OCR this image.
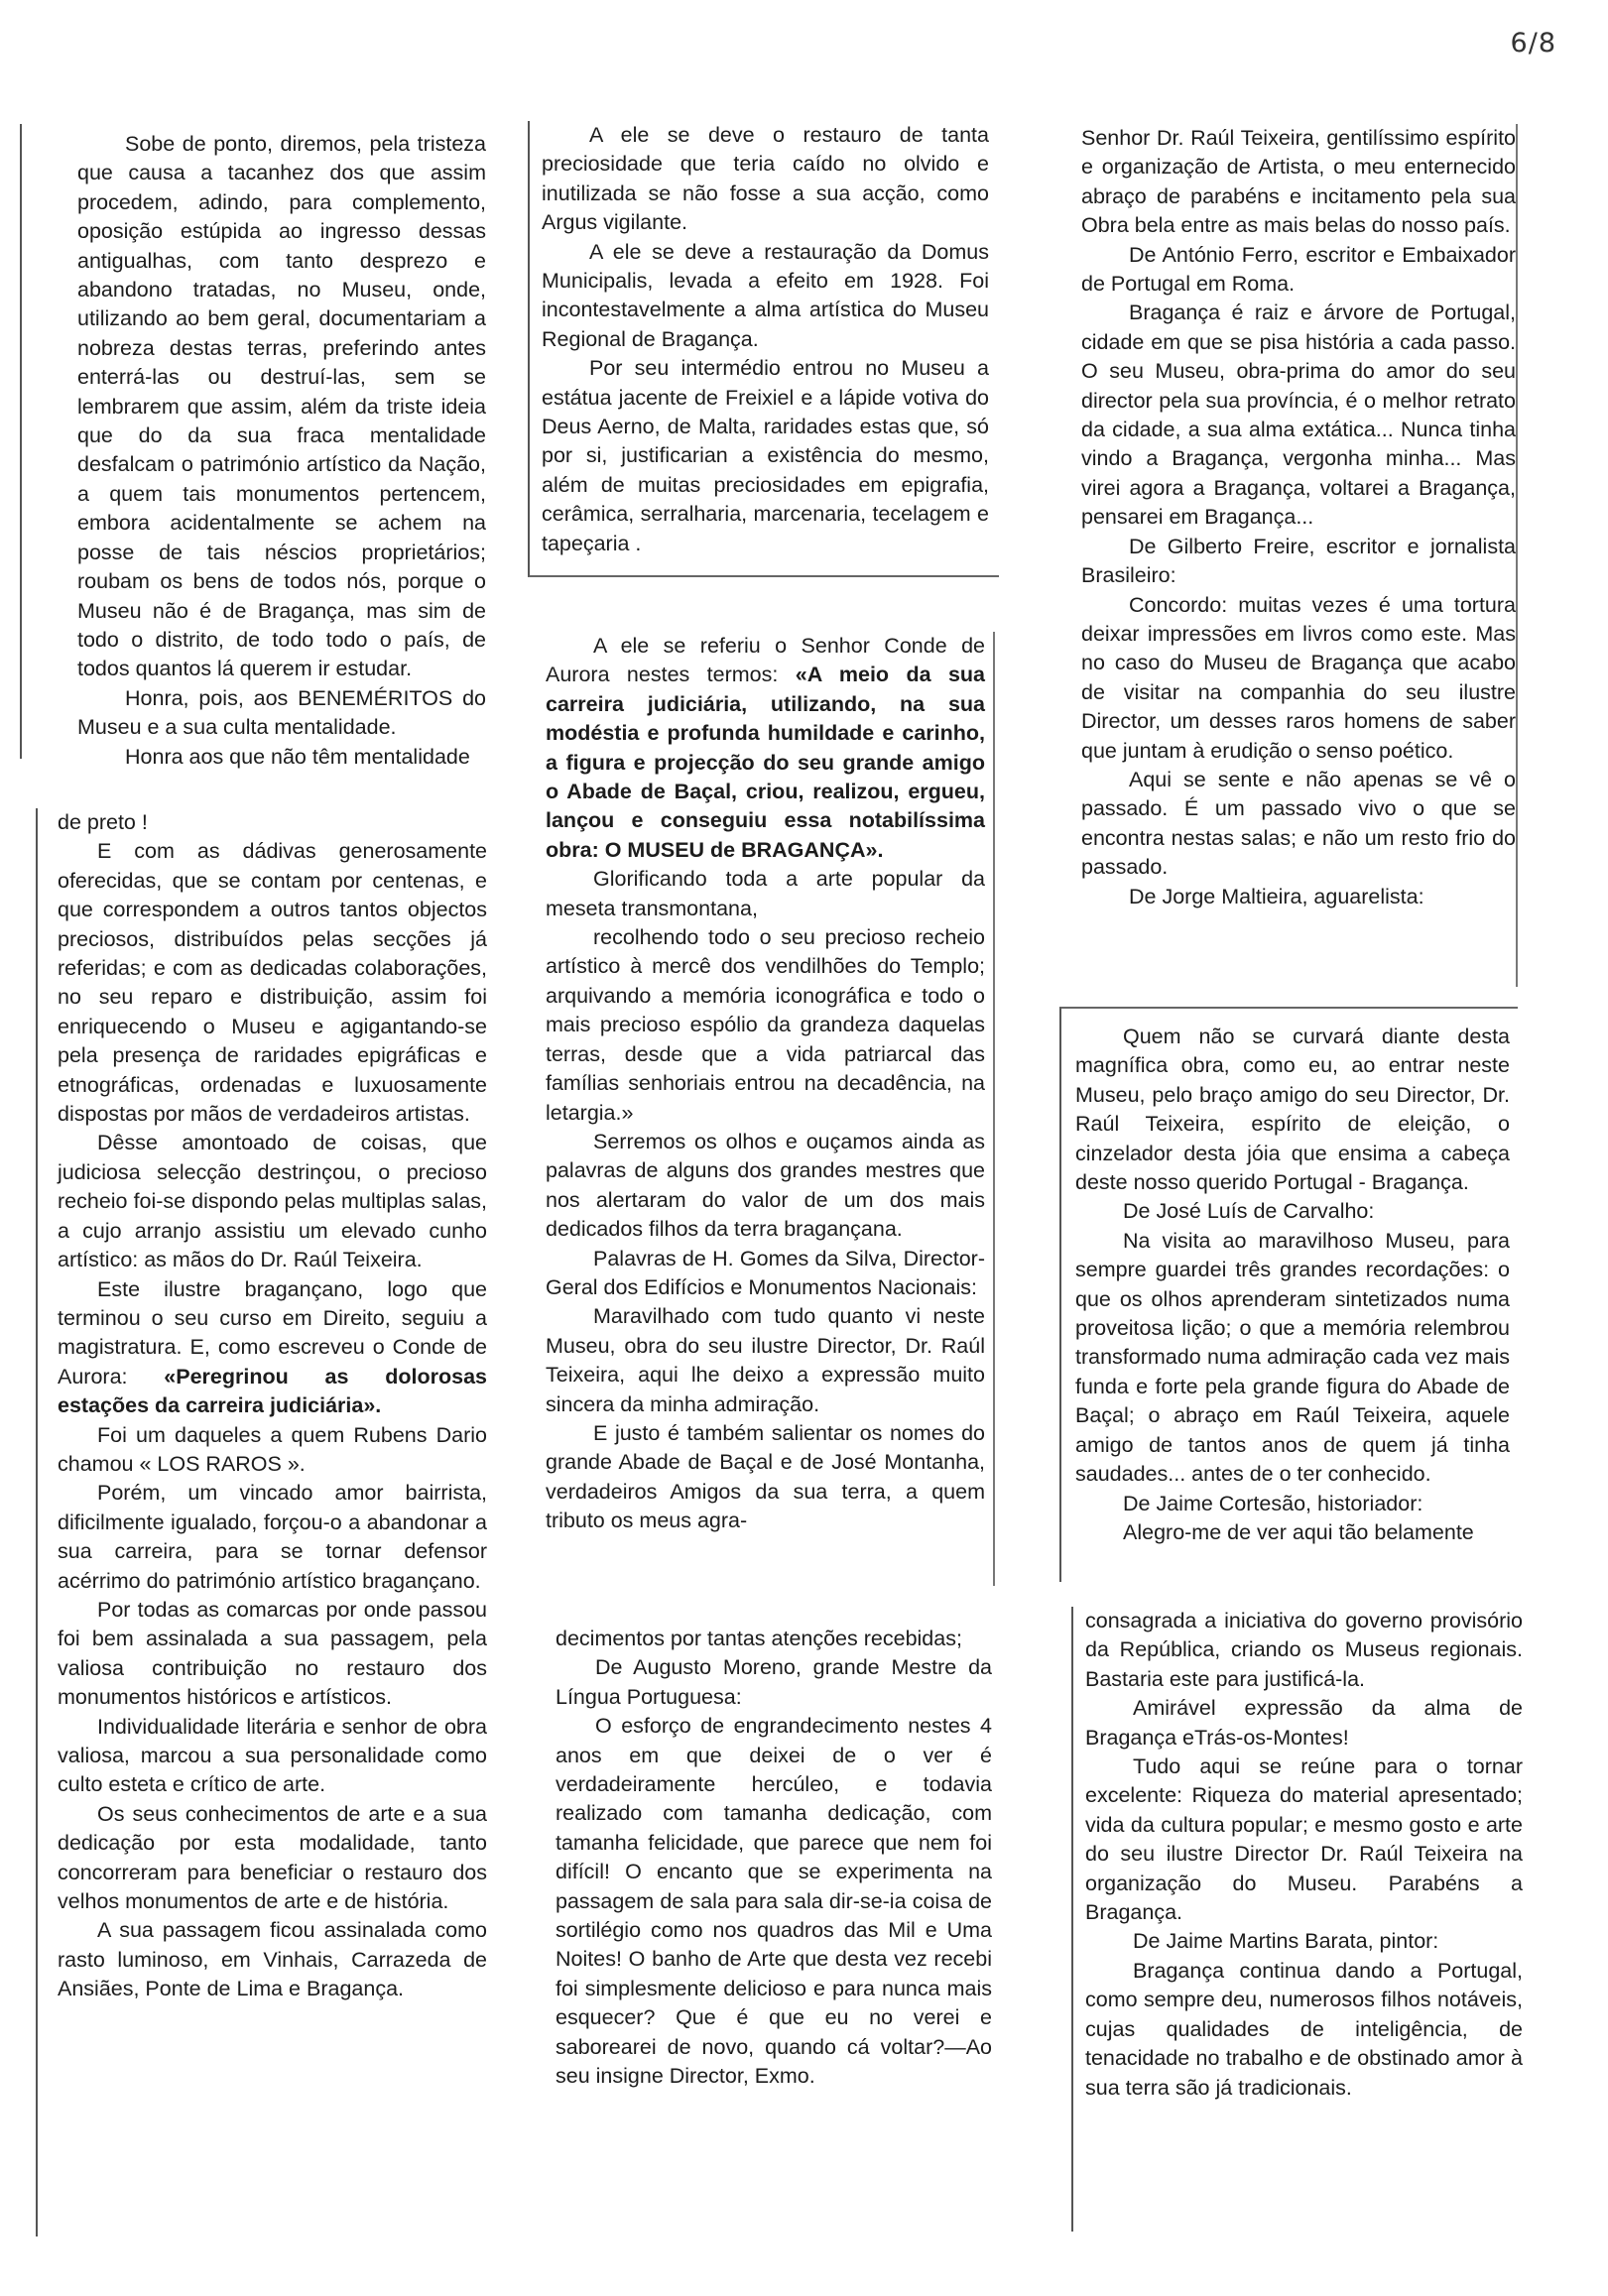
6/8

Sobe de ponto, diremos, pela tristeza que causa a tacanhez dos que assim procedem, adindo, para complemento, oposição estúpida ao ingresso dessas antigualhas, com tanto desprezo e abandono tratadas, no Museu, onde, utilizando ao bem geral, documentariam a nobreza destas terras, preferindo antes enterrá-las ou destruí-las, sem se lembrarem que assim, além da triste ideia que do da sua fraca mentalidade desfalcam o património artístico da Nação, a quem tais monumentos pertencem, embora acidentalmente se achem na posse de tais néscios proprietários; roubam os bens de todos nós, porque o Museu não é de Bragança, mas sim de todo o distrito, de todo todo o país, de todos quantos lá querem ir estudar.

Honra, pois, aos BENEMÉRITOS do Museu e a sua culta mentalidade.

Honra aos que não têm mentalidade

de preto !

E com as dádivas generosamente oferecidas, que se contam por centenas, e que correspondem a outros tantos objectos preciosos, distribuídos pelas secções já referidas; e com as dedicadas colaborações, no seu reparo e distribuição, assim foi enriquecendo o Museu e agigantando-se pela presença de raridades epigráficas e etnográficas, ordenadas e luxuosamente dispostas por mãos de verdadeiros artistas.

Dêsse amontoado de coisas, que judiciosa selecção destrinçou, o precioso recheio foi-se dispondo pelas multiplas salas, a cujo arranjo assistiu um elevado cunho artístico: as mãos do Dr. Raúl Teixeira.

Este ilustre bragançano, logo que terminou o seu curso em Direito, seguiu a magistratura. E, como escreveu o Conde de Aurora: «Peregrinou as dolorosas estações da carreira judiciária».

Foi um daqueles a quem Rubens Dario chamou « LOS RAROS ».

Porém, um vincado amor bairrista, dificilmente igualado, forçou-o a abandonar a sua carreira, para se tornar defensor acérrimo do património artístico bragançano.

Por todas as comarcas por onde passou foi bem assinalada a sua passagem, pela valiosa contribuição no restauro dos monumentos históricos e artísticos.

Individualidade literária e senhor de obra valiosa, marcou a sua personalidade como culto esteta e crítico de arte.

Os seus conhecimentos de arte e a sua dedicação por esta modalidade, tanto concorreram para beneficiar o restauro dos velhos monumentos de arte e de história.

A sua passagem ficou assinalada como rasto luminoso, em Vinhais, Carrazeda de Ansiães, Ponte de Lima e Bragança.

A ele se deve o restauro de tanta preciosidade que teria caído no olvido e inutilizada se não fosse a sua acção, como Argus vigilante.

A ele se deve a restauração da Domus Municipalis, levada a efeito em 1928. Foi incontestavelmente a alma artística do Museu Regional de Bragança.

Por seu intermédio entrou no Museu a estátua jacente de Freixiel e a lápide votiva do Deus Aerno, de Malta, raridades estas que, só por si, justificarian a existência do mesmo, além de muitas preciosidades em epigrafia, cerâmica, serralharia, marcenaria, tecelagem e tapeçaria .

A ele se referiu o Senhor Conde de Aurora nestes termos: «A meio da sua carreira judiciária, utilizando, na sua modéstia e profunda humildade e carinho, a figura e projecção do seu grande amigo o Abade de Baçal, criou, realizou, ergueu, lançou e conseguiu essa notabilíssima obra: O MUSEU de BRAGANÇA».

Glorificando toda a arte popular da meseta transmontana,

recolhendo todo o seu precioso recheio artístico à mercê dos vendilhões do Templo; arquivando a memória iconográfica e todo o mais precioso espólio da grandeza daquelas terras, desde que a vida patriarcal das famílias senhoriais entrou na decadência, na letargia.»

Serremos os olhos e ouçamos ainda as palavras de alguns dos grandes mestres que nos alertaram do valor de um dos mais dedicados filhos da terra bragançana.

Palavras de H. Gomes da Silva, Director-Geral dos Edifícios e Monumentos Nacionais:

Maravilhado com tudo quanto vi neste Museu, obra do seu ilustre Director, Dr. Raúl Teixeira, aqui lhe deixo a expressão muito sincera da minha admiração.

E justo é também salientar os nomes do grande Abade de Baçal e de José Montanha, verdadeiros Amigos da sua terra, a quem tributo os meus agra-

decimentos por tantas atenções recebidas;

De Augusto Moreno, grande Mestre da Língua Portuguesa:

O esforço de engrandecimento nestes 4 anos em que deixei de o ver é verdadeiramente hercúleo, e todavia realizado com tamanha dedicação, com tamanha felicidade, que parece que nem foi difícil! O encanto que se experimenta na passagem de sala para sala dir-se-ia coisa de sortilégio como nos quadros das Mil e Uma Noites! O banho de Arte que desta vez recebi foi simplesmente delicioso e para nunca mais esquecer? Que é que eu no verei e saborearei de novo, quando cá voltar?—Ao seu insigne Director, Exmo.

Senhor Dr. Raúl Teixeira, gentilíssimo espírito e organização de Artista, o meu enternecido abraço de parabéns e incitamento pela sua Obra bela entre as mais belas do nosso país.

De António Ferro, escritor e Embaixador de Portugal em Roma.

Bragança é raiz e árvore de Portugal, cidade em que se pisa história a cada passo. O seu Museu, obra-prima do amor do seu director pela sua província, é o melhor retrato da cidade, a sua alma extática... Nunca tinha vindo a Bragança, vergonha minha... Mas virei agora a Bragança, voltarei a Bragança, pensarei em Bragança...

De Gilberto Freire, escritor e jornalista Brasileiro:

Concordo: muitas vezes é uma tortura deixar impressões em livros como este. Mas no caso do Museu de Bragança que acabo de visitar na companhia do seu ilustre Director, um desses raros homens de saber que juntam à erudição o senso poético.

Aqui se sente e não apenas se vê o passado. É um passado vivo o que se encontra nestas salas; e não um resto frio do passado.

De Jorge Maltieira, aguarelista:

Quem não se curvará diante desta magnífica obra, como eu, ao entrar neste Museu, pelo braço amigo do seu Director, Dr. Raúl Teixeira, espírito de eleição, o cinzelador desta jóia que ensima a cabeça deste nosso querido Portugal - Bragança.

De José Luís de Carvalho:

Na visita ao maravilhoso Museu, para sempre guardei três grandes recordações: o que os olhos aprenderam sintetizados numa proveitosa lição; o que a memória relembrou transformado numa admiração cada vez mais funda e forte pela grande figura do Abade de Baçal; o abraço em Raúl Teixeira, aquele amigo de tantos anos de quem já tinha saudades... antes de o ter conhecido.

De Jaime Cortesão, historiador:

Alegro-me de ver aqui tão belamente

consagrada a iniciativa do governo provisório da República, criando os Museus regionais. Bastaria este para justificá-la.

Amirável expressão da alma de Bragança eTrás-os-Montes!

Tudo aqui se reúne para o tornar excelente: Riqueza do material apresentado; vida da cultura popular; e mesmo gosto e arte do seu ilustre Director Dr. Raúl Teixeira na organização do Museu. Parabéns a Bragança.

De Jaime Martins Barata, pintor:

Bragança continua dando a Portugal, como sempre deu, numerosos filhos notáveis, cujas qualidades de inteligência, de tenacidade no trabalho e de obstinado amor à sua terra são já tradicionais.
